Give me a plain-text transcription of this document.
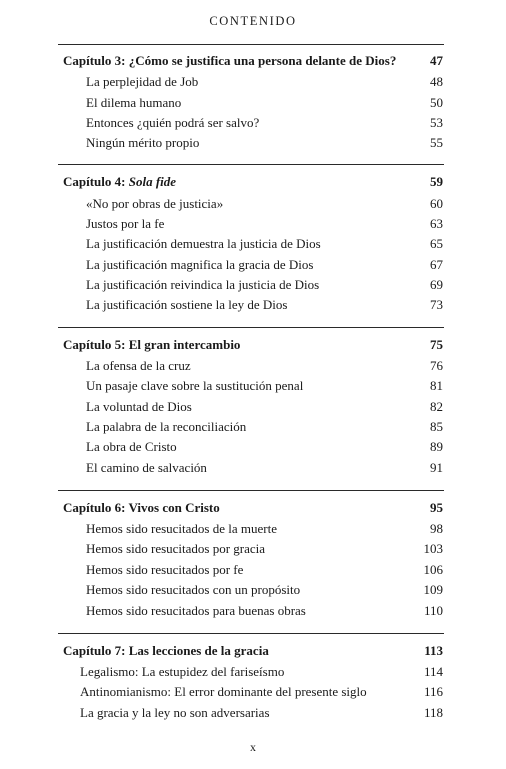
CONTENIDO
Capítulo 3: ¿Cómo se justifica una persona delante de Dios?	47
La perplejidad de Job	48
El dilema humano	50
Entonces ¿quién podrá ser salvo?	53
Ningún mérito propio	55
Capítulo 4: Sola fide	59
«No por obras de justicia»	60
Justos por la fe	63
La justificación demuestra la justicia de Dios	65
La justificación magnifica la gracia de Dios	67
La justificación reivindica la justicia de Dios	69
La justificación sostiene la ley de Dios	73
Capítulo 5: El gran intercambio	75
La ofensa de la cruz	76
Un pasaje clave sobre la sustitución penal	81
La voluntad de Dios	82
La palabra de la reconciliación	85
La obra de Cristo	89
El camino de salvación	91
Capítulo 6: Vivos con Cristo	95
Hemos sido resucitados de la muerte	98
Hemos sido resucitados por gracia	103
Hemos sido resucitados por fe	106
Hemos sido resucitados con un propósito	109
Hemos sido resucitados para buenas obras	110
Capítulo 7: Las lecciones de la gracia	113
Legalismo: La estupidez del fariseísmo	114
Antinomianismo: El error dominante del presente siglo	116
La gracia y la ley no son adversarias	118
x
